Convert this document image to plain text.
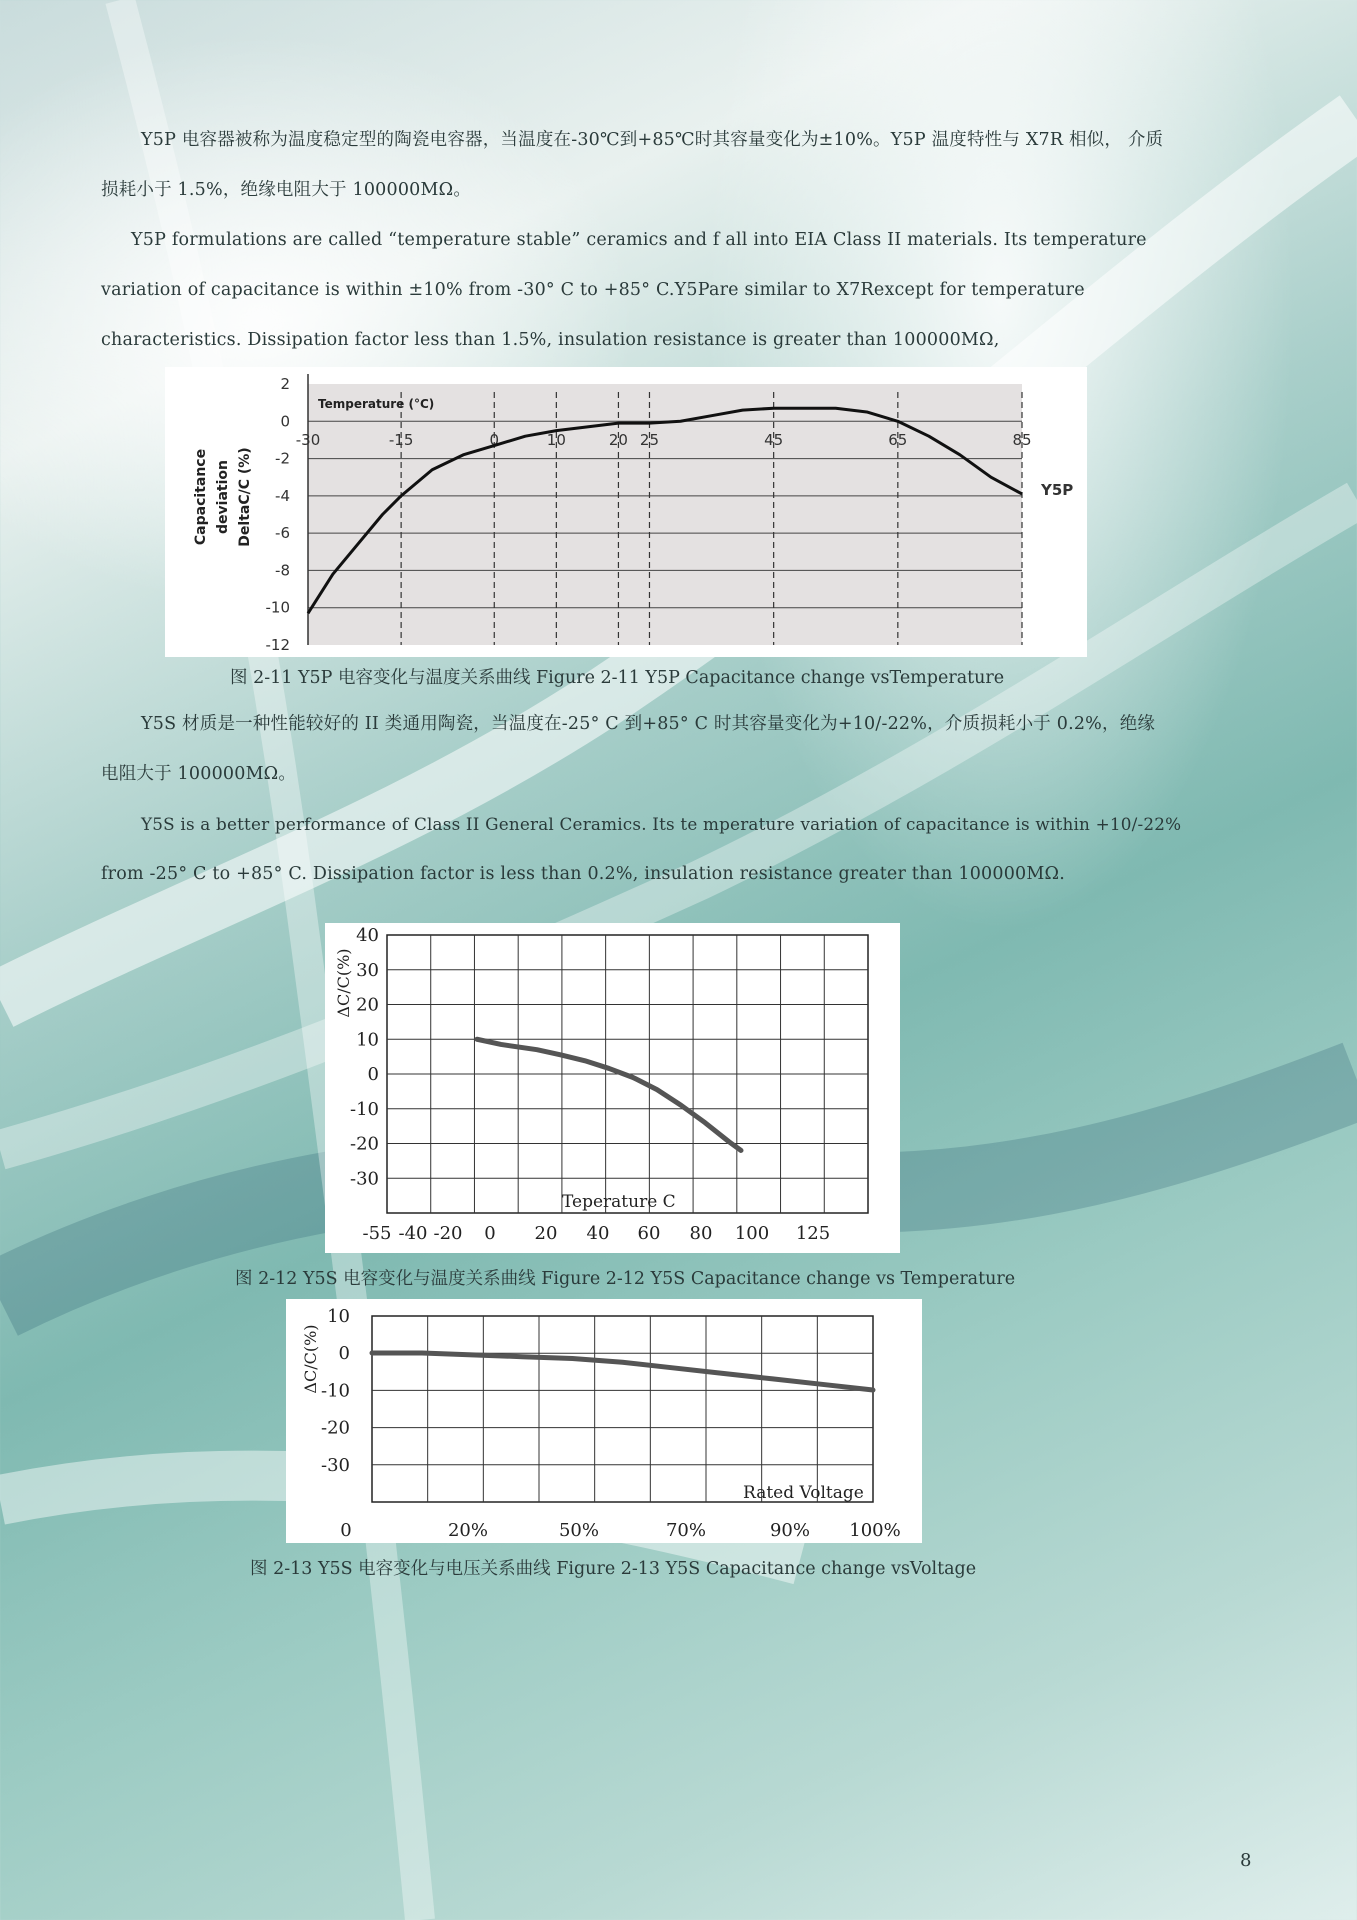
Y5P 电容器被称为温度稳定型的陶瓷电容器，当温度在-30℃到+85℃时其容量变化为±10%。Y5P 温度特性与 X7R 相似， 介质
损耗小于 1.5%，绝缘电阻大于 100000MΩ。
Y5P formulations are called “temperature stable” ceramics and f all into EIA Class II materials. Its temperature
variation of capacitance is within ±10% from -30° C to +85° C.Y5Pare similar to X7Rexcept for temperature
characteristics. Dissipation factor less than 1.5%, insulation resistance is greater than 100000MΩ,
2
0
-2
-4
-6
-8
-10
-12
-30	-15	0	10	20 25	45	65	85
Temperature (°C)
Capacitance deviation DeltaC/C (%)	Y5P
图 2-11 Y5P 电容变化与温度关系曲线 Figure 2-11 Y5P Capacitance change vsTemperature
Y5S 材质是一种性能较好的 II 类通用陶瓷，当温度在-25° C 到+85° C 时其容量变化为+10/-22%，介质损耗小于 0.2%，绝缘
电阻大于 100000MΩ。
Y5S is a better performance of Class II General Ceramics. Its te mperature variation of capacitance is within +10/-22%
from -25° C to +85° C. Dissipation factor is less than 0.2%, insulation resistance greater than 100000MΩ.
40
30
20
10
0
-10
-20
-30
-55 -40 -20 0 20 40 60 80 100 125
Teperature C
ΔC/C(%)
图 2-12 Y5S 电容变化与温度关系曲线 Figure 2-12 Y5S Capacitance change vs Temperature
10
0
-10
-20
-30
0	20%	50%	70%	90% 100%
Rated Voltage
ΔC/C(%)
图 2-13 Y5S 电容变化与电压关系曲线 Figure 2-13 Y5S Capacitance change vsVoltage
8
